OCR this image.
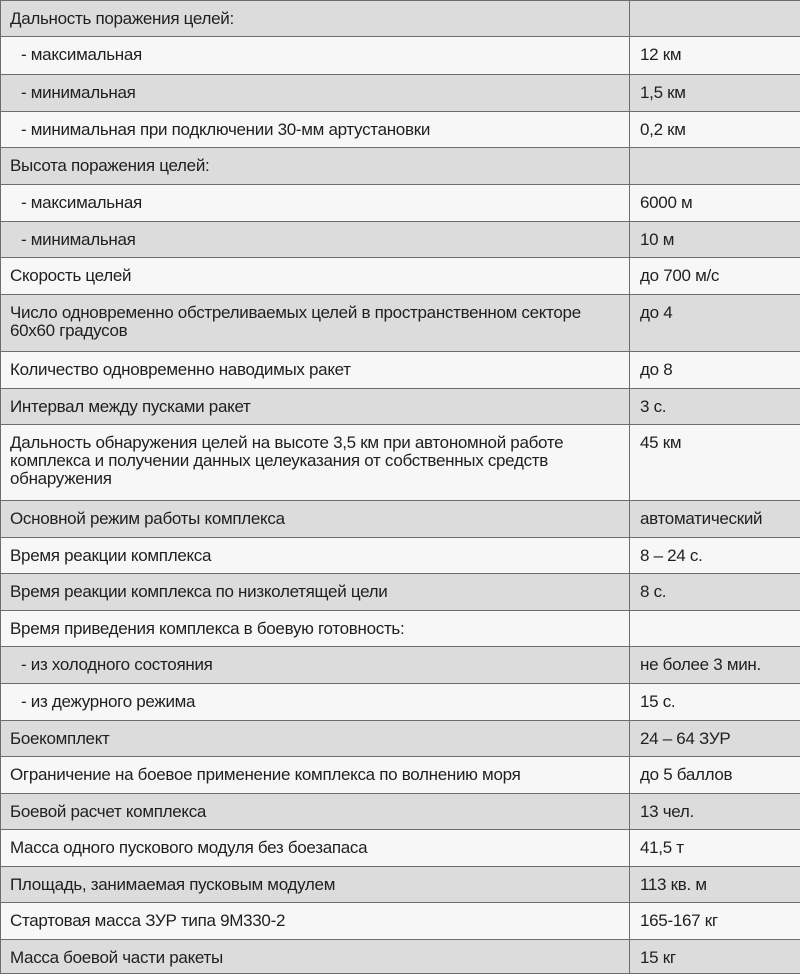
Дальность поражения целей:	
- максимальная	12 км
- минимальная	1,5 км
- минимальная при подключении 30-мм артустановки	0,2 км
Высота поражения целей:	
- максимальная	6000 м
- минимальная	10 м
Скорость целей	до 700 м/с
Число одновременно обстреливаемых целей в пространственном секторе 60х60 градусов	до 4
Количество одновременно наводимых ракет	до 8
Интервал между пусками ракет	3 с.
Дальность обнаружения целей на высоте 3,5 км при автономной работе комплекса и получении данных целеуказания от собственных средств обнаружения	45 км
Основной режим работы комплекса	автоматический
Время реакции комплекса	8 – 24 с.
Время реакции комплекса по низколетящей цели	8 с.
Время приведения комплекса в боевую готовность:	
- из холодного состояния	не более 3 мин.
- из дежурного режима	15 с.
Боекомплект	24 – 64 ЗУР
Ограничение на боевое применение комплекса по волнению моря	до 5 баллов
Боевой расчет комплекса	13 чел.
Масса одного пускового модуля без боезапаса	41,5 т
Площадь, занимаемая пусковым модулем	113 кв. м
Стартовая масса ЗУР типа 9М330-2	165-167 кг
Масса боевой части ракеты	15 кг
